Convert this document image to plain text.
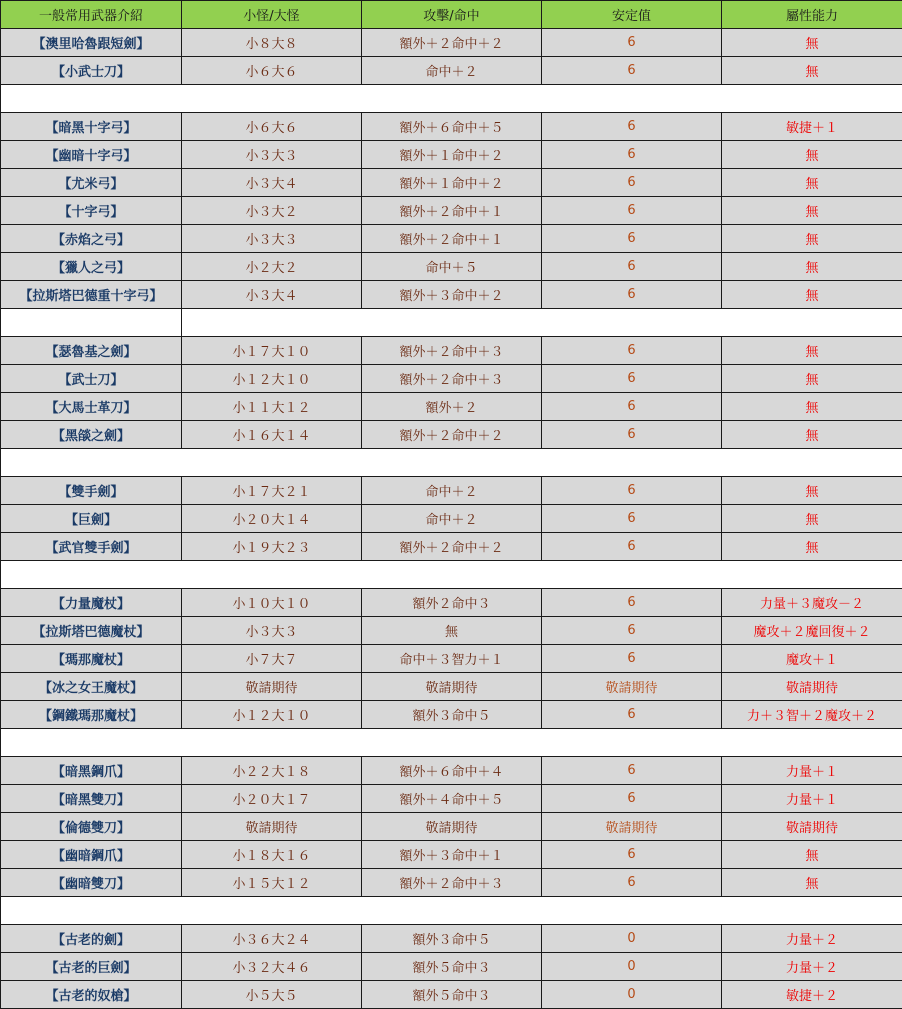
一般常用武器介紹	小怪/大怪	攻擊/命中	安定值	屬性能力
【澳里哈魯跟短劍】	小８大８	額外＋２命中＋２	6	無
【小武士刀】	小６大６	命中＋２	6	無

【暗黑十字弓】	小６大６	額外＋６命中＋５	6	敏捷＋１
【幽暗十字弓】	小３大３	額外＋１命中＋２	6	無
【尤米弓】	小３大４	額外＋１命中＋２	6	無
【十字弓】	小３大２	額外＋２命中＋１	6	無
【赤焰之弓】	小３大３	額外＋２命中＋１	6	無
【獵人之弓】	小２大２	命中＋５	6	無
【拉斯塔巴德重十字弓】	小３大４	額外＋３命中＋２	6	無

【瑟魯基之劍】	小１７大１０	額外＋２命中＋３	6	無
【武士刀】	小１２大１０	額外＋２命中＋３	6	無
【大馬士革刀】	小１１大１２	額外＋２	6	無
【黑燄之劍】	小１６大１４	額外＋２命中＋２	6	無

【雙手劍】	小１７大２１	命中＋２	6	無
【巨劍】	小２０大１４	命中＋２	6	無
【武官雙手劍】	小１９大２３	額外＋２命中＋２	6	無

【力量魔杖】	小１０大１０	額外２命中３	6	力量＋３魔攻－２
【拉斯塔巴德魔杖】	小３大３	無	6	魔攻＋２魔回復＋２
【瑪那魔杖】	小７大７	命中＋３智力＋１	6	魔攻＋１
【冰之女王魔杖】	敬請期待	敬請期待	敬請期待	敬請期待
【鋼鐵瑪那魔杖】	小１２大１０	額外３命中５	6	力＋３智＋２魔攻＋２

【暗黑鋼爪】	小２２大１８	額外＋６命中＋４	6	力量＋１
【暗黑雙刀】	小２０大１７	額外＋４命中＋５	6	力量＋１
【倫德雙刀】	敬請期待	敬請期待	敬請期待	敬請期待
【幽暗鋼爪】	小１８大１６	額外＋３命中＋１	6	無
【幽暗雙刀】	小１５大１２	額外＋２命中＋３	6	無

【古老的劍】	小３６大２４	額外３命中５	0	力量＋２
【古老的巨劍】	小３２大４６	額外５命中３	0	力量＋２
【古老的奴槍】	小５大５	額外５命中３	0	敏捷＋２
